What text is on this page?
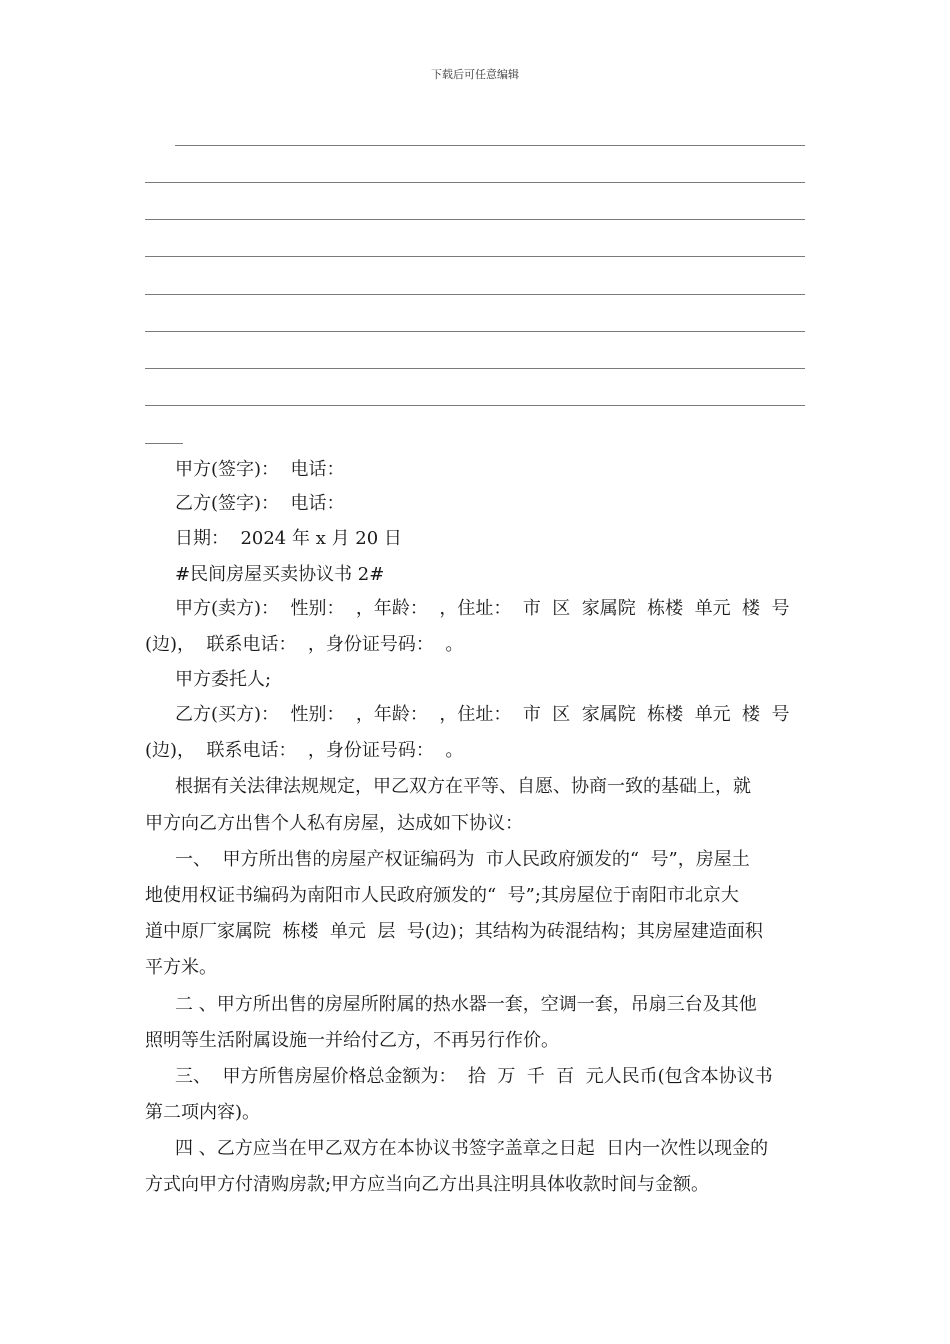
下载后可任意编辑
甲方(签字)：  电话：
乙方(签字)：  电话：
日期：  2024 年 x 月 20 日
#民间房屋买卖协议书 2#
甲方(卖方)：  性别：  ，年龄：  ，住址：  市  区  家属院  栋楼  单元  楼  号
(边)，  联系电话：  ，身份证号码：  。
甲方委托人;
乙方(买方)：  性别：  ，年龄：  ，住址：  市  区  家属院  栋楼  单元  楼  号
(边)，  联系电话：  ，身份证号码：  。
根据有关法律法规规定，甲乙双方在平等、自愿、协商一致的基础上，就
甲方向乙方出售个人私有房屋，达成如下协议：
一、  甲方所出售的房屋产权证编码为  市人民政府颁发的“  号”，房屋土
地使用权证书编码为南阳市人民政府颁发的“  号”;其房屋位于南阳市北京大
道中原厂家属院  栋楼  单元  层  号(边)；其结构为砖混结构；其房屋建造面积
平方米。
二 、甲方所出售的房屋所附属的热水器一套，空调一套，吊扇三台及其他
照明等生活附属设施一并给付乙方，不再另行作价。
三、  甲方所售房屋价格总金额为：  拾  万  千  百  元人民币(包含本协议书
第二项内容)。
四 、乙方应当在甲乙双方在本协议书签字盖章之日起  日内一次性以现金的
方式向甲方付清购房款;甲方应当向乙方出具注明具体收款时间与金额。
